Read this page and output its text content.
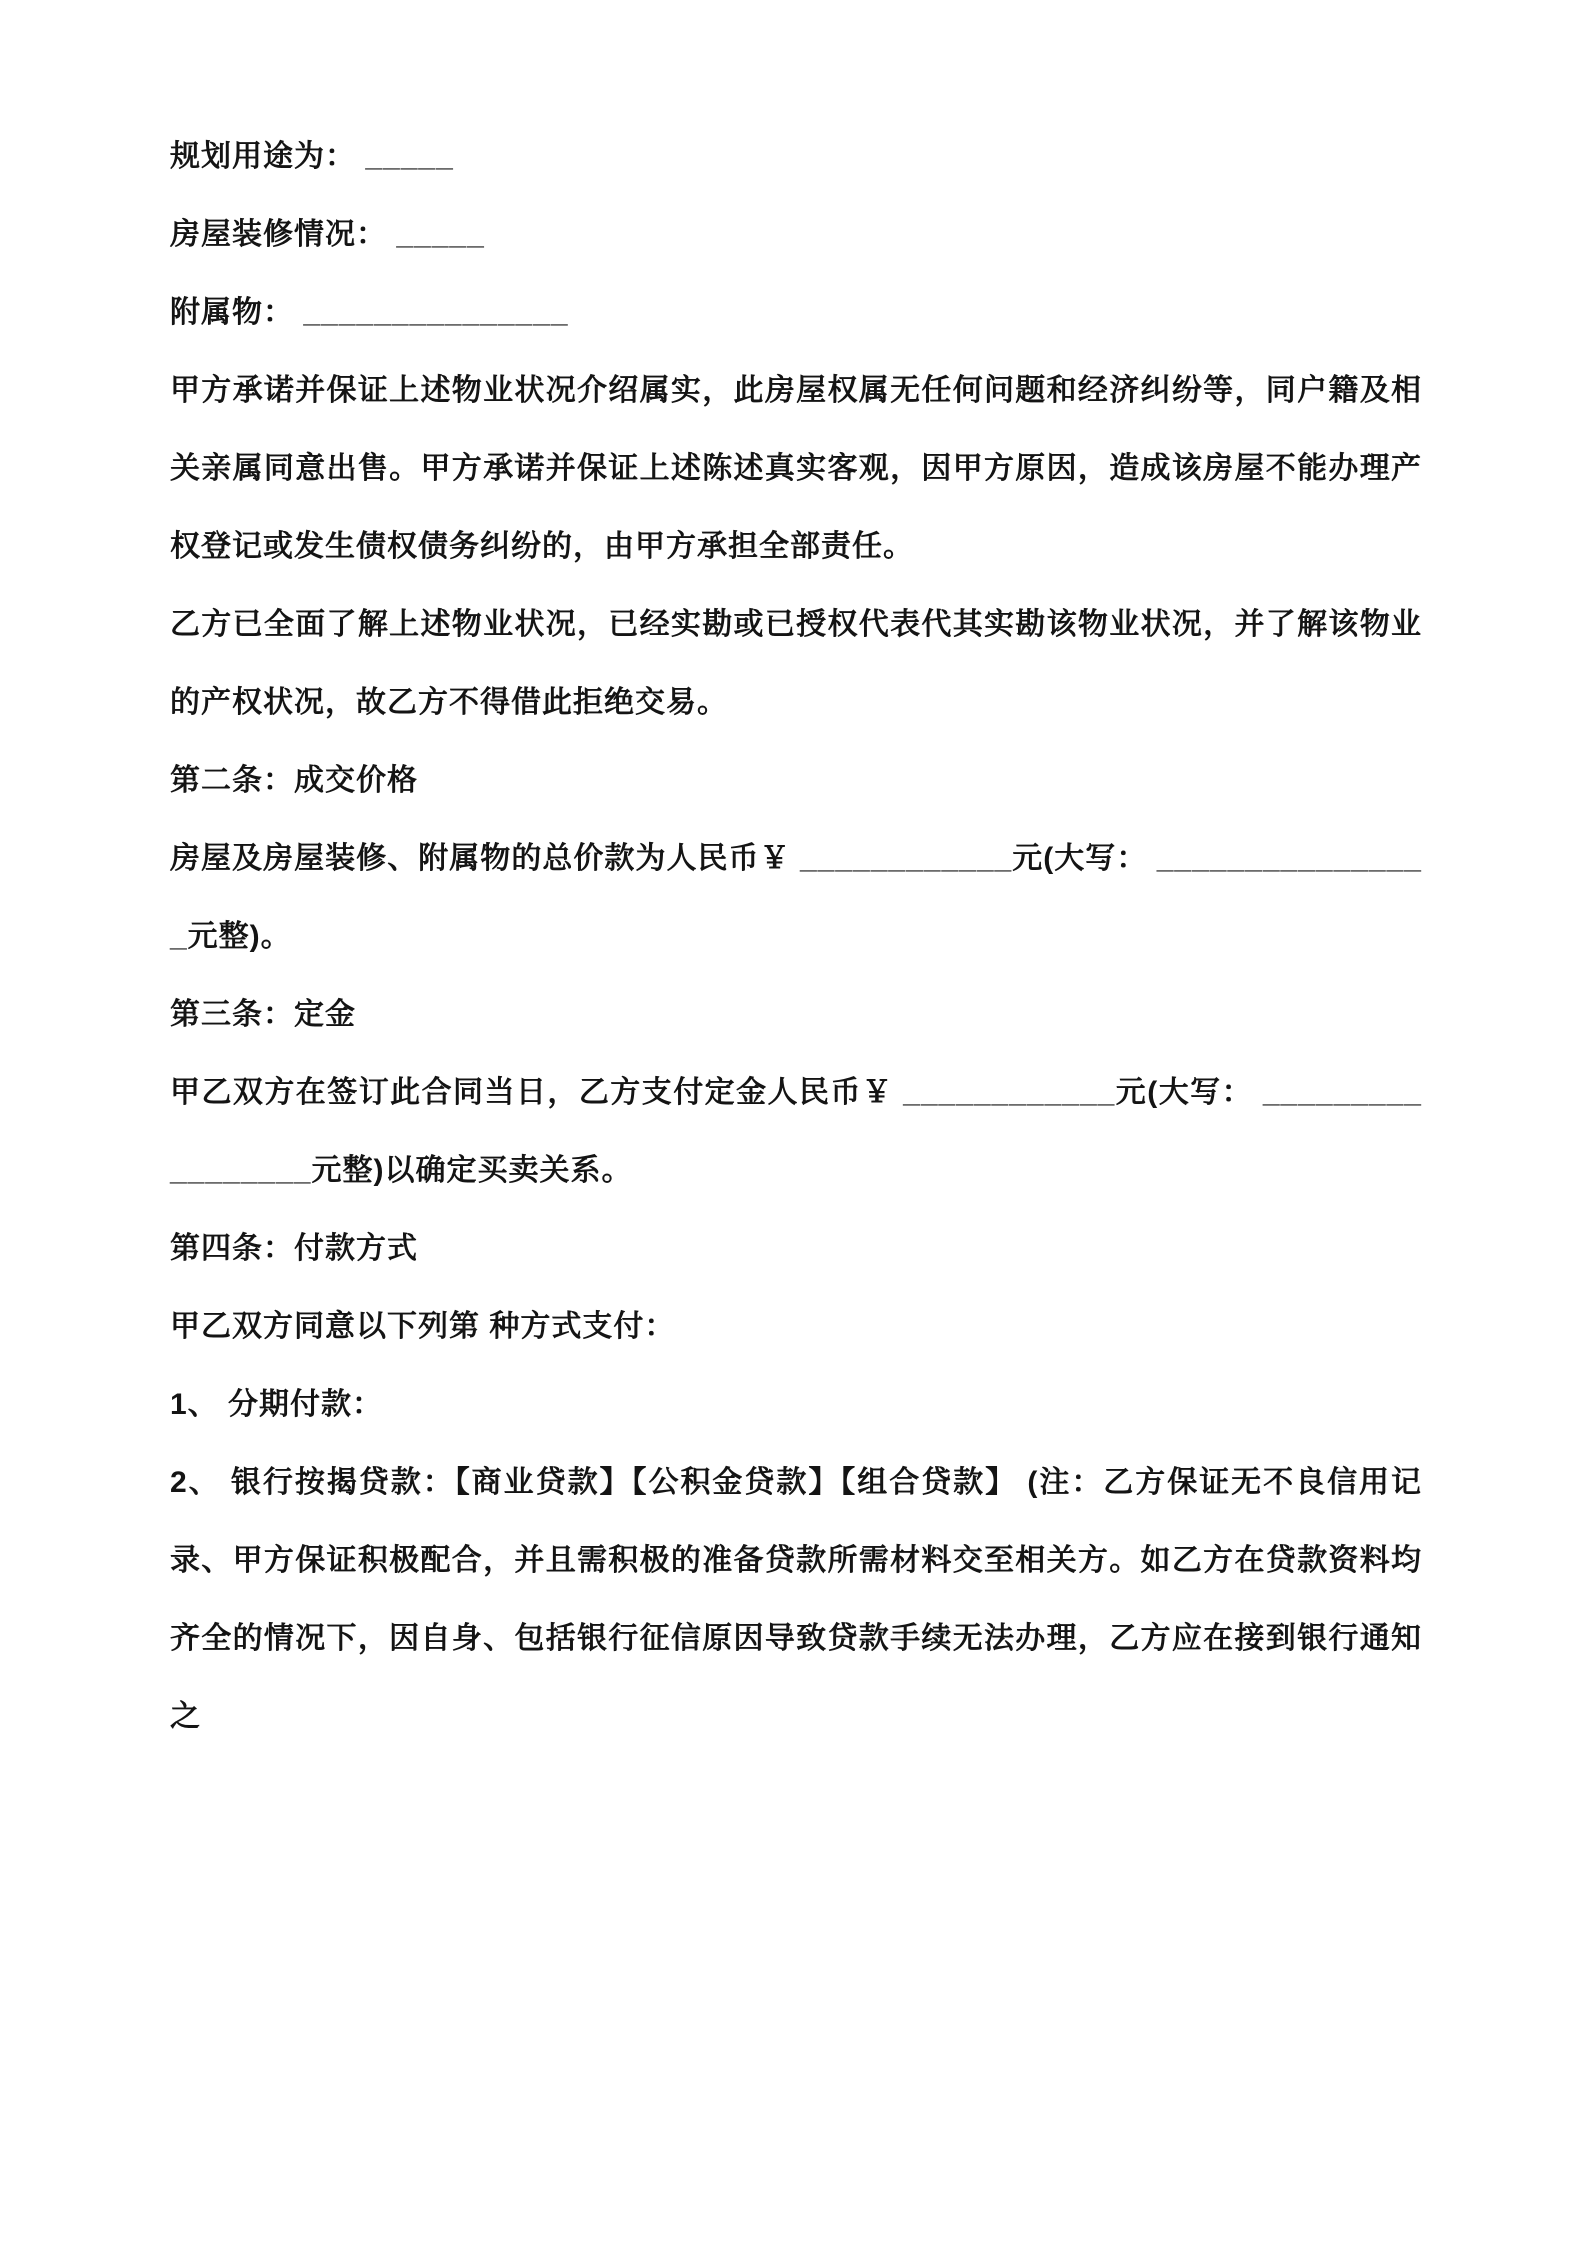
规划用途为： _____

房屋装修情况： _____

附属物： _______________

甲方承诺并保证上述物业状况介绍属实，此房屋权属无任何问题和经济纠纷等，同户籍及相关亲属同意出售。甲方承诺并保证上述陈述真实客观，因甲方原因，造成该房屋不能办理产权登记或发生债权债务纠纷的，由甲方承担全部责任。

乙方已全面了解上述物业状况，已经实勘或已授权代表代其实勘该物业状况，并了解该物业的产权状况，故乙方不得借此拒绝交易。

第二条：成交价格

房屋及房屋装修、附属物的总价款为人民币￥ ____________元(大写： ________________元整)。

第三条：定金

甲乙双方在签订此合同当日，乙方支付定金人民币￥ ____________元(大写： _________________元整)以确定买卖关系。

第四条：付款方式

甲乙双方同意以下列第 种方式支付：

1、 分期付款：

2、 银行按揭贷款：【商业贷款】【公积金贷款】【组合贷款】 (注：乙方保证无不良信用记录、甲方保证积极配合，并且需积极的准备贷款所需材料交至相关方。如乙方在贷款资料均齐全的情况下，因自身、包括银行征信原因导致贷款手续无法办理，乙方应在接到银行通知之
